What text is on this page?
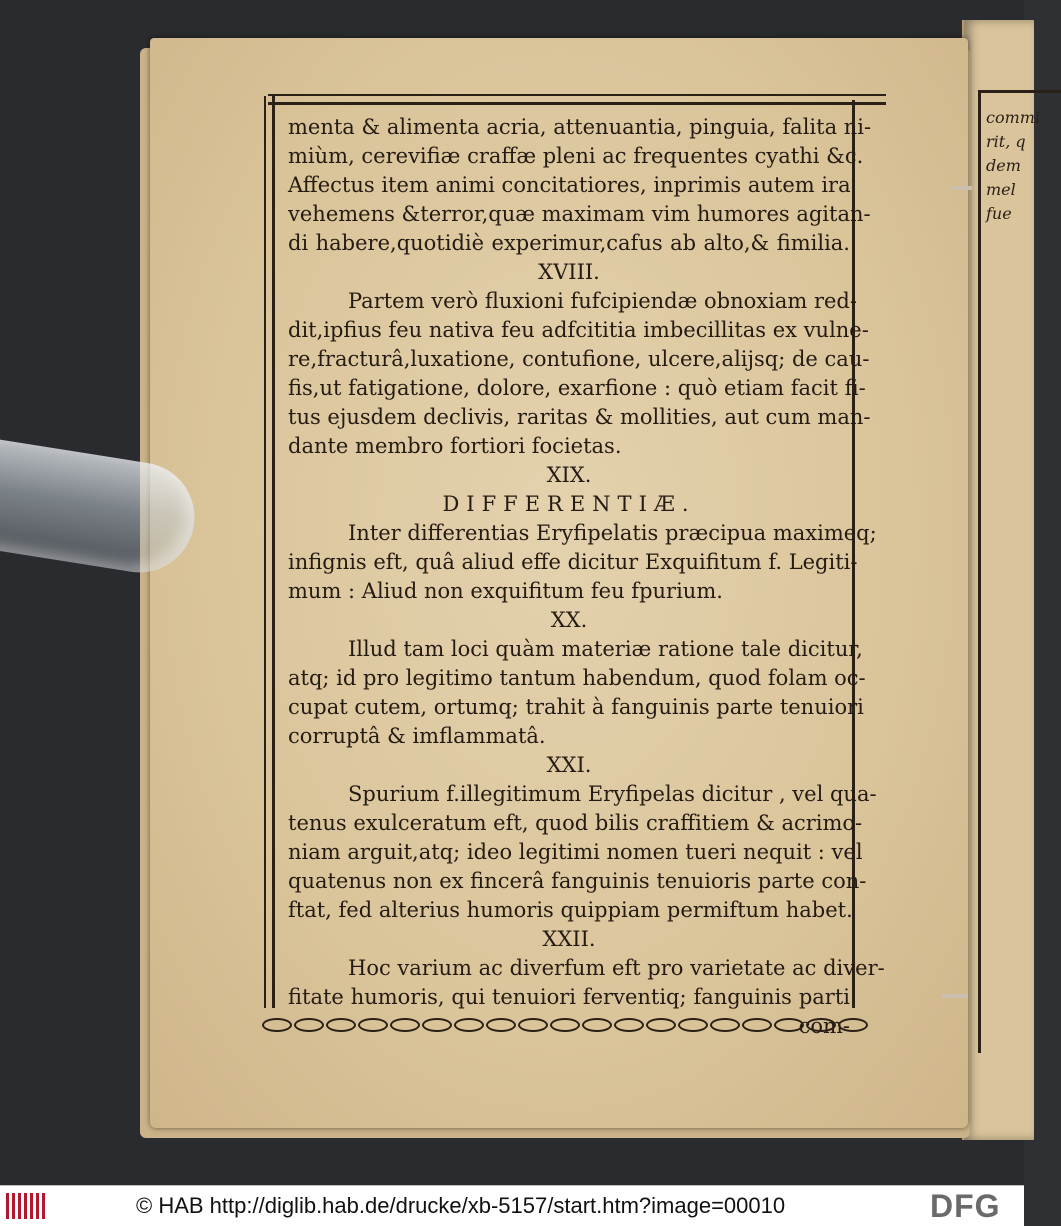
commi
rit, q
dem
mel
fue
menta & alimenta acria, attenuantia, pinguia, falita ni-
miùm, cerevifiæ craffæ pleni ac frequentes cyathi &c.
Affectus item animi concitatiores, inprimis autem ira
vehemens &terror,quæ maximam vim humores agitan-
di habere,quotidiè experimur,cafus ab alto,& fimilia.
XVIII.
Partem verò fluxioni fufcipiendæ obnoxiam red-
dit,ipfius feu nativa feu adfcititia imbecillitas ex vulne-
re,fracturâ,luxatione, contufione, ulcere,alijsq; de cau-
fis,ut fatigatione, dolore, exarfione : quò etiam facit fi-
tus ejusdem declivis, raritas & mollities, aut cum man-
dante membro fortiori focietas.
XIX.
DIFFERENTIÆ.
Inter differentias Eryfipelatis præcipua maximeq;
infignis eft, quâ aliud effe dicitur Exquifitum f. Legiti-
mum : Aliud non exquifitum feu fpurium.
XX.
Illud tam loci quàm materiæ ratione tale dicitur,
atq; id pro legitimo tantum habendum, quod folam oc-
cupat cutem, ortumq; trahit à fanguinis parte tenuiori
corruptâ & imflammatâ.
XXI.
Spurium f.illegitimum Eryfipelas dicitur , vel qua-
tenus exulceratum eft, quod bilis craffitiem & acrimo-
niam arguit,atq; ideo legitimi nomen tueri nequit : vel
quatenus non ex fincerâ fanguinis tenuioris parte con-
ftat, fed alterius humoris quippiam permiftum habet.
XXII.
Hoc varium ac diverfum eft pro varietate ac diver-
fitate humoris, qui tenuiori ferventiq; fanguinis parti
com-
© HAB http://diglib.hab.de/drucke/xb-5157/start.htm?image=00010	DFG
